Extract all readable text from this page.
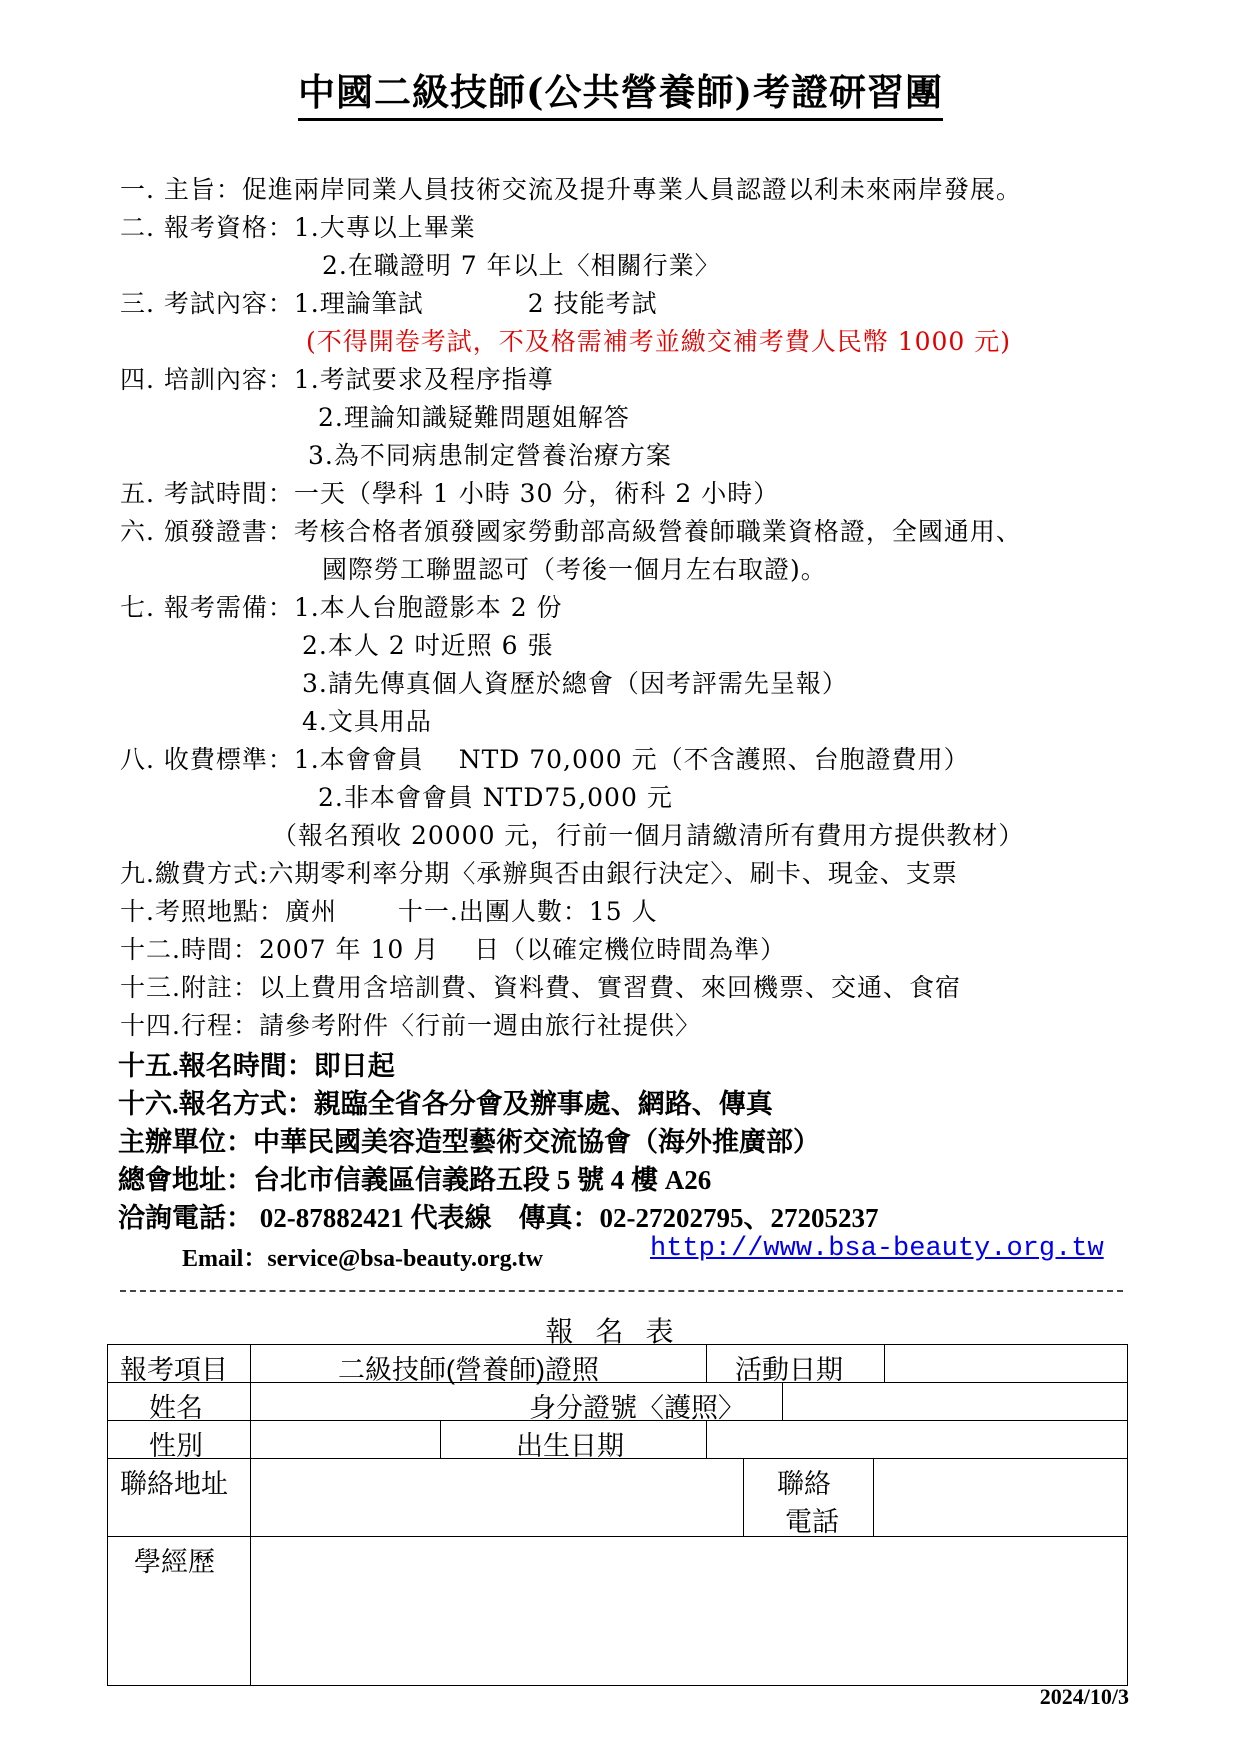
中國二級技師(公共營養師)考證研習團
一. 主旨：促進兩岸同業人員技術交流及提升專業人員認證以利未來兩岸發展。
二. 報考資格：1.大專以上畢業
2.在職證明 7 年以上〈相關行業〉
三. 考試內容：1.理論筆試　　　　2 技能考試
(不得開卷考試，不及格需補考並繳交補考費人民幣 1000 元)
四. 培訓內容：1.考試要求及程序指導
2.理論知識疑難問題姐解答
3.為不同病患制定營養治療方案
五. 考試時間：一天（學科 1 小時 30 分，術科 2 小時）
六. 頒發證書：考核合格者頒發國家勞動部高級營養師職業資格證，全國通用、
國際勞工聯盟認可（考後一個月左右取證)。
七. 報考需備：1.本人台胞證影本 2 份
2.本人 2 吋近照 6 張
3.請先傳真個人資歷於總會（因考評需先呈報）
4.文具用品
八. 收費標準：1.本會會員　 NTD 70,000 元（不含護照、台胞證費用）
2.非本會會員 NTD75,000 元
（報名預收 20000 元，行前一個月請繳清所有費用方提供教材）
九.繳費方式:六期零利率分期〈承辦與否由銀行決定〉、刷卡、現金、支票
十.考照地點：廣州　　 十一.出團人數：15 人
十二.時間：2007 年 10 月　 日（以確定機位時間為準）
十三.附註：以上費用含培訓費、資料費、實習費、來回機票、交通、食宿
十四.行程：請參考附件〈行前一週由旅行社提供〉
十五.報名時間：即日起
十六.報名方式：親臨全省各分會及辦事處、網路、傳真
主辦單位：中華民國美容造型藝術交流協會（海外推廣部）
總會地址：台北市信義區信義路五段 5 號 4 樓 A26
洽詢電話： 02-87882421 代表線　傳真：02-27202795、27205237
Email：service@bsa-beauty.org.tw	http://www.bsa-beauty.org.tw
報名表
報考項目	二級技師(營養師)證照	活動日期
姓名	身分證號〈護照〉
性別	出生日期
聯絡地址	聯絡
電話
學經歷
2024/10/3
